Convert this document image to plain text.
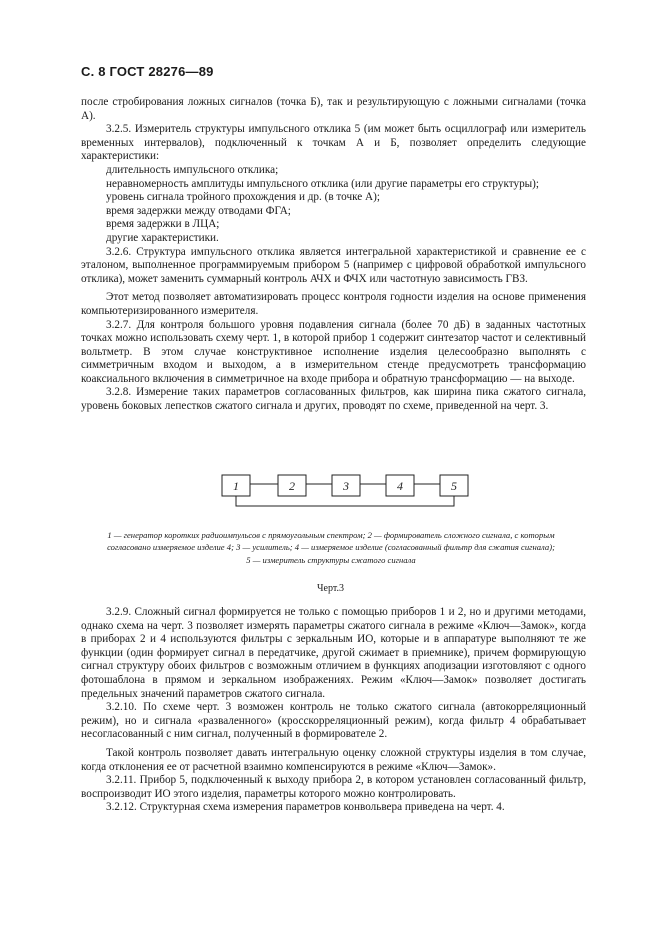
С. 8 ГОСТ 28276—89

после стробирования ложных сигналов (точка Б), так и результирующую с ложными сигналами (точка А).

3.2.5. Измеритель структуры импульсного отклика 5 (им может быть осциллограф или измеритель временных интервалов), подключенный к точкам А и Б, позволяет определить следующие характеристики:

длительность импульсного отклика;

неравномерность амплитуды импульсного отклика (или другие параметры его структуры);

уровень сигнала тройного прохождения и др. (в точке А);

время задержки между отводами ФГА;

время задержки в ЛЦА;

другие характеристики.

3.2.6. Структура импульсного отклика является интегральной характеристикой и сравнение ее с эталоном, выполненное программируемым прибором 5 (например с цифровой обработкой импульсного отклика), может заменить суммарный контроль АЧХ и ФЧХ или частотную зависимость ГВЗ.

Этот метод позволяет автоматизировать процесс контроля годности изделия на основе применения компьютеризированного измерителя.

3.2.7. Для контроля большого уровня подавления сигнала (более 70 дБ) в заданных частотных точках можно использовать схему черт. 1, в которой прибор 1 содержит синтезатор частот и селективный вольтметр. В этом случае конструктивное исполнение изделия целесообразно выполнять с симметричным входом и выходом, а в измерительном стенде предусмотреть трансформацию коаксиального включения в симметричное на входе прибора и обратную трансформацию — на выходе.

3.2.8. Измерение таких параметров согласованных фильтров, как ширина пика сжатого сигнала, уровень боковых лепестков сжатого сигнала и других, проводят по схеме, приведенной на черт. 3.

1	2	3	4	5
1 — генератор коротких радиоимпульсов с прямоугольным спектром; 2 — формирователь сложного сигнала, с которым согласовано измеряемое изделие 4; 3 — усилитель; 4 — измеряемое изделие (согласованный фильтр для сжатия сигнала);
5 — измеритель структуры сжатого сигнала
Черт.3

3.2.9. Сложный сигнал формируется не только с помощью приборов 1 и 2, но и другими методами, однако схема на черт. 3 позволяет измерять параметры сжатого сигнала в режиме «Ключ—Замок», когда в приборах 2 и 4 используются фильтры с зеркальным ИО, которые и в аппаратуре выполняют те же функции (один формирует сигнал в передатчике, другой сжимает в приемнике), причем формирующую сигнал структуру обоих фильтров с возможным отличием в функциях аподизации изготовляют с одного фотошаблона в прямом и зеркальном изображениях. Режим «Ключ—Замок» позволяет достигать предельных значений параметров сжатого сигнала.

3.2.10. По схеме черт. 3 возможен контроль не только сжатого сигнала (автокорреляционный режим), но и сигнала «разваленного» (кросскорреляционный режим), когда фильтр 4 обрабатывает несогласованный с ним сигнал, полученный в формирователе 2.

Такой контроль позволяет давать интегральную оценку сложной структуры изделия в том случае, когда отклонения ее от расчетной взаимно компенсируются в режиме «Ключ—Замок».

3.2.11. Прибор 5, подключенный к выходу прибора 2, в котором установлен согласованный фильтр, воспроизводит ИО этого изделия, параметры которого можно контролировать.

3.2.12. Структурная схема измерения параметров конвольвера приведена на черт. 4.
